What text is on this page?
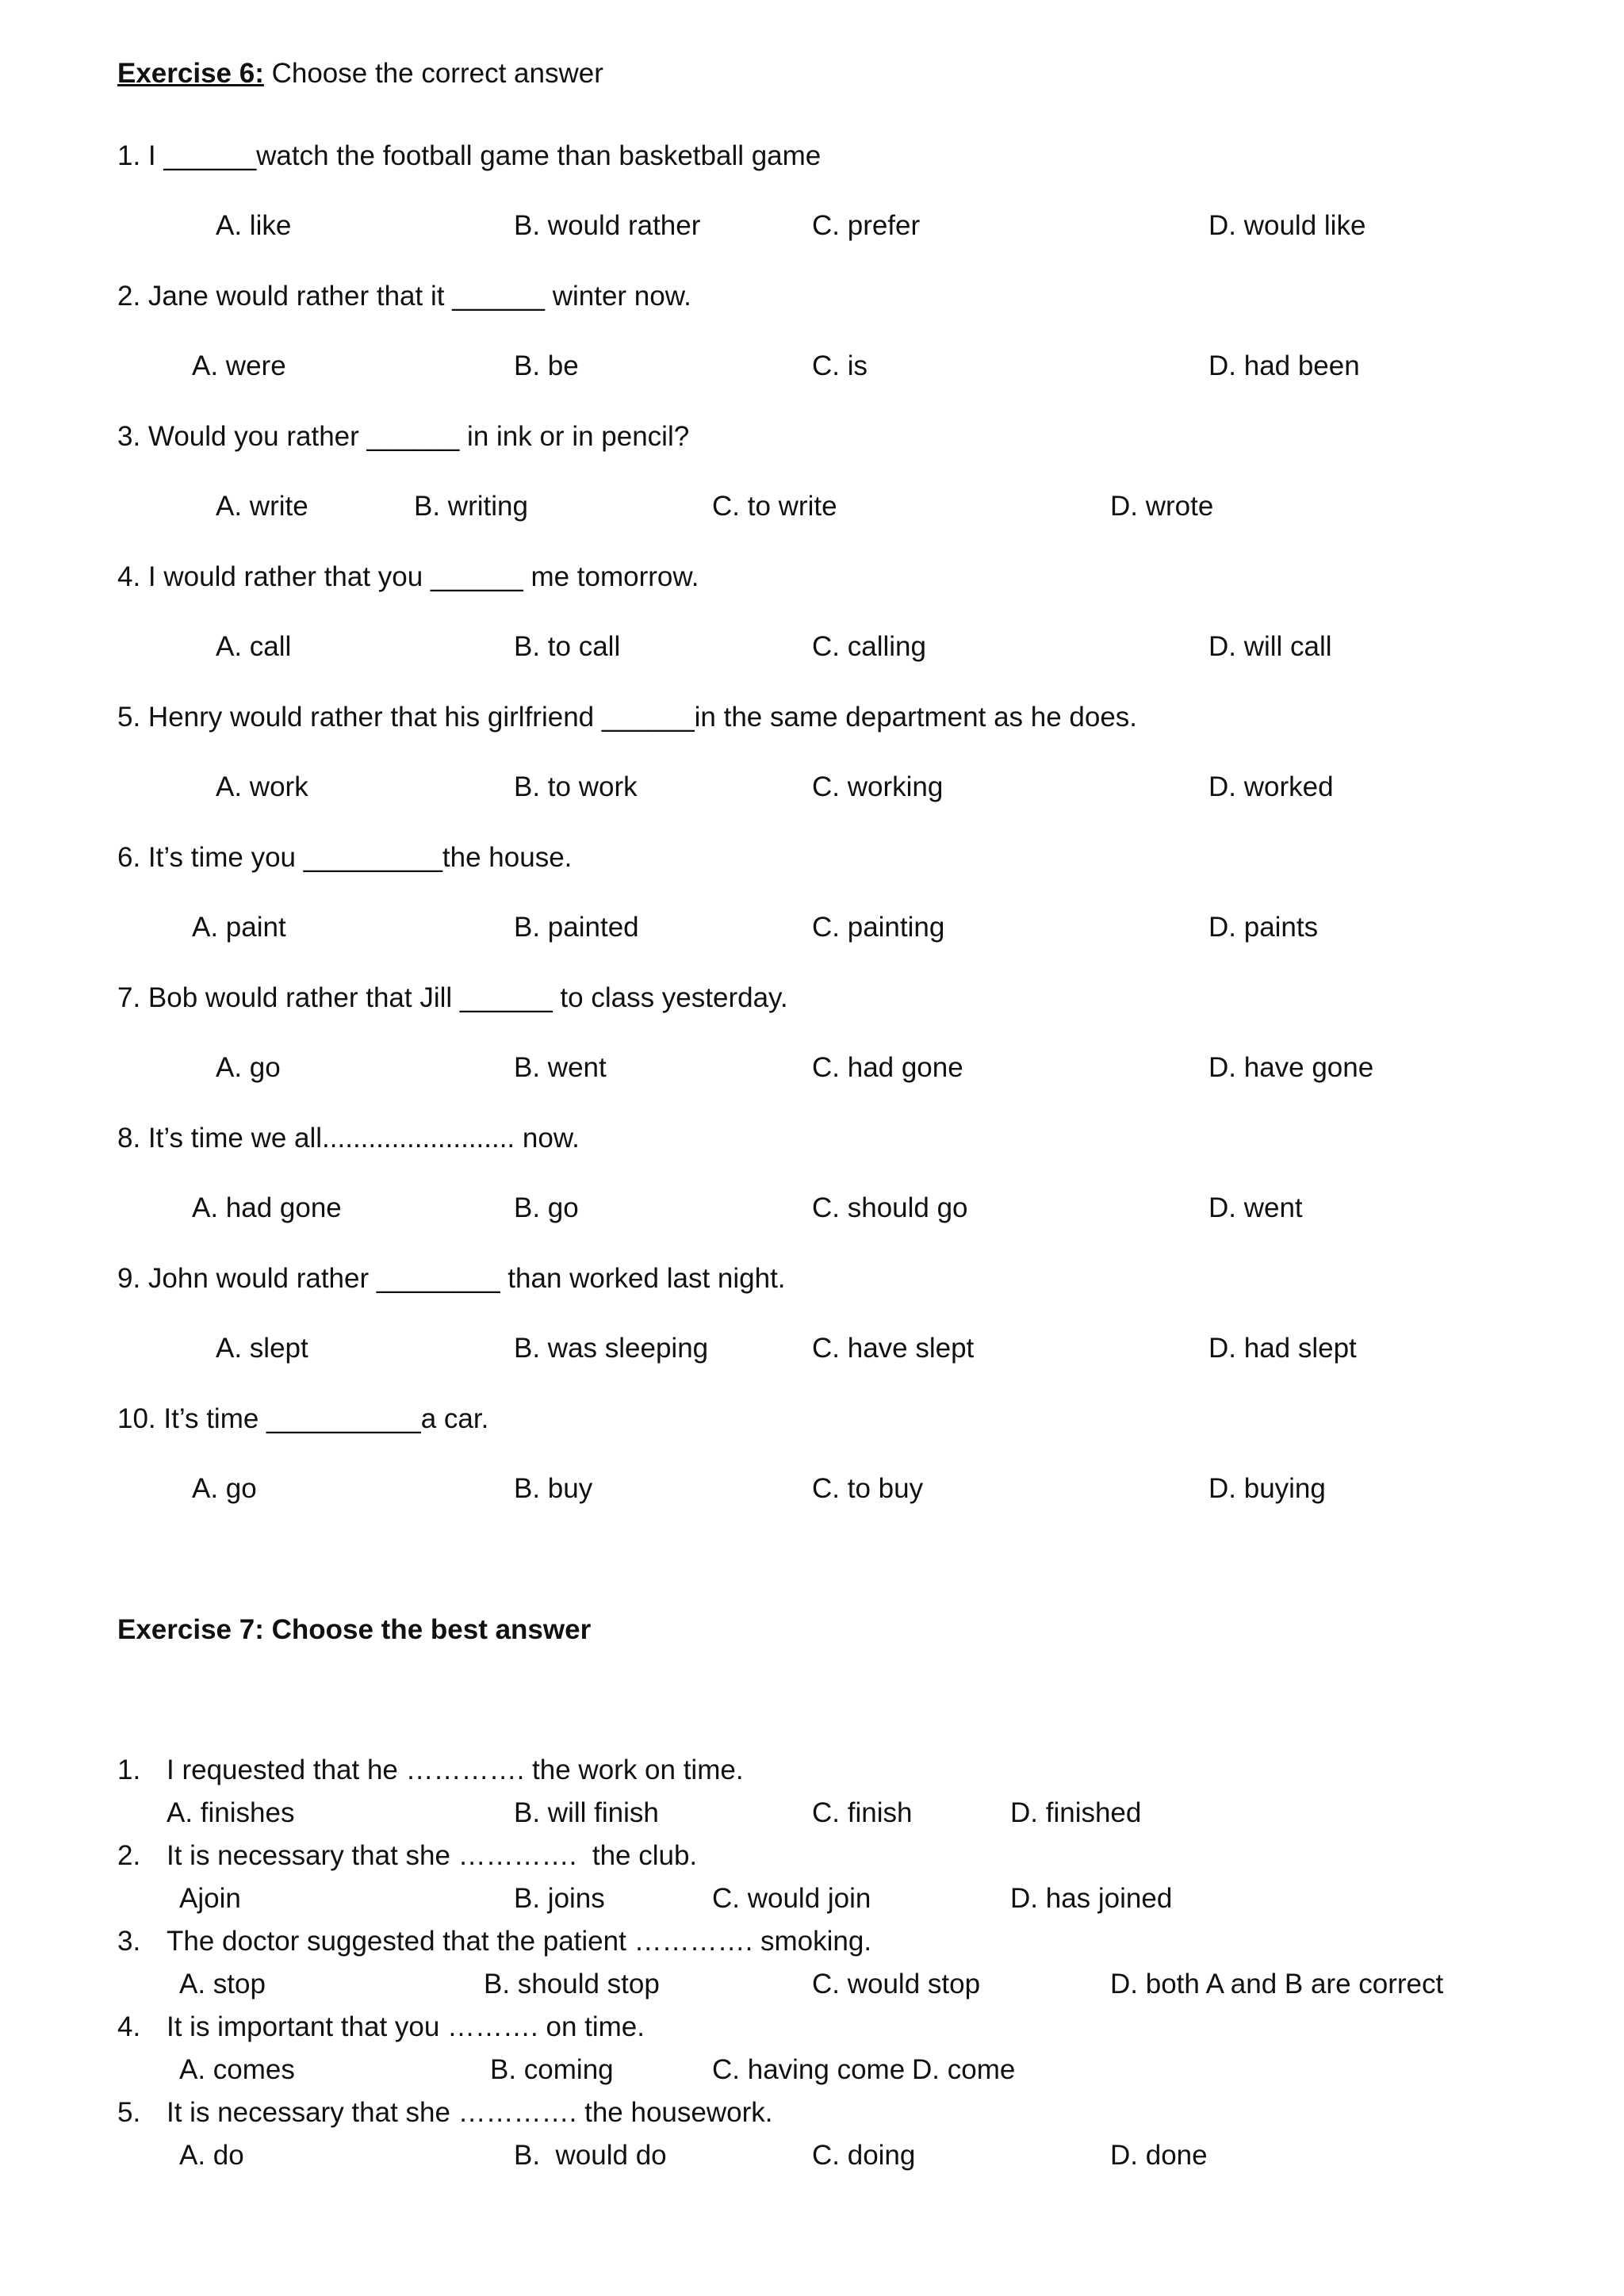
Exercise 6: Choose the correct answer
1. I ______watch the football game than basketball game
A. like	B. would rather	C. prefer	D. would like
2. Jane would rather that it ______ winter now.
A. were	B. be	C. is	D. had been
3. Would you rather ______ in ink or in pencil?
A. write	B. writing	C. to write	D. wrote
4. I would rather that you ______ me tomorrow.
A. call	B. to call	C. calling	D. will call
5. Henry would rather that his girlfriend ______in the same department as he does.
A. work	B. to work	C. working	D. worked
6. It’s time you _________the house.
A. paint	B. painted	C. painting	D. paints
7. Bob would rather that Jill ______ to class yesterday.
A. go	B. went	C. had gone	D. have gone
8. It’s time we all......................... now.
A. had gone	B. go	C. should go	D. went
9. John would rather ________ than worked last night.
A. slept	B. was sleeping	C. have slept	D. had slept
10. It’s time __________a car.
A. go	B. buy	C. to buy	D. buying
Exercise 7: Choose the best answer
1. I requested that he …………. the work on time.
A. finishes	B. will finish	C. finish	D. finished
2. It is necessary that she ………….  the club.
Ajoin	B. joins	C. would join	D. has joined
3. The doctor suggested that the patient …………. smoking.
A. stop	B. should stop	C. would stop	D. both A and B are correct
4. It is important that you ………. on time.
A. comes	B. coming	C. having come D. come
5. It is necessary that she …………. the housework.
A. do	B.  would do	C. doing	D. done
